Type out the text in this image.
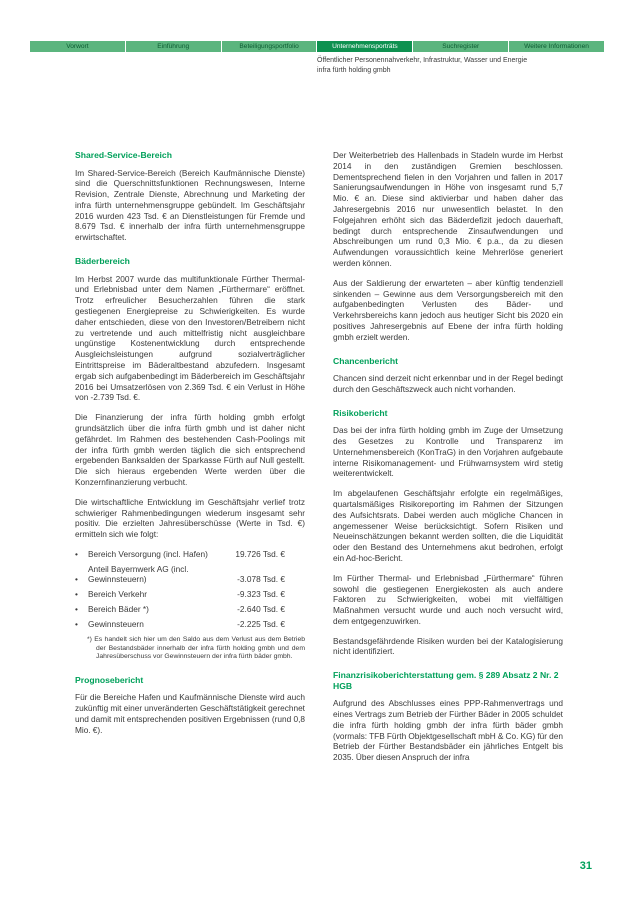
Vorwort	Einführung	Beteiligungsportfolio	Unternehmensporträts	Suchregister	Weitere Informationen
Öffentlicher Personennahverkehr, Infrastruktur, Wasser und Energie
infra fürth holding gmbh
Shared-Service-Bereich

Im Shared-Service-Bereich (Bereich Kaufmännische Dienste) sind die Querschnittsfunktionen Rechnungswesen, Interne Revision, Zentrale Dienste, Abrechnung und Marketing der infra fürth unternehmensgruppe gebündelt. Im Geschäftsjahr 2016 wurden 423 Tsd. € an Dienstleistungen für Fremde und 8.679 Tsd. € innerhalb der infra fürth unternehmensgruppe erwirtschaftet.

Bäderbereich

Im Herbst 2007 wurde das multifunktionale Fürther Thermal- und Erlebnisbad unter dem Namen „Fürthermare“ eröffnet. Trotz erfreulicher Besucherzahlen führen die stark gestiegenen Energiepreise zu Schwierigkeiten. Es wurde daher entschieden, diese von den Investoren/Betreibern nicht zu vertretende und auch mittelfristig nicht ausgleichbare ungünstige Kostenentwicklung durch entsprechende Ausgleichsleistungen aufgrund sozialverträglicher Eintrittspreise im Bäderaltbestand abzufedern. Insgesamt ergab sich aufgabenbedingt im Bäderbereich im Geschäftsjahr 2016 bei Umsatzerlösen von 2.369 Tsd. € ein Verlust in Höhe von -2.739 Tsd. €.

Die Finanzierung der infra fürth holding gmbh erfolgt grundsätzlich über die infra fürth gmbh und ist daher nicht gefährdet. Im Rahmen des bestehenden Cash-Poolings mit der infra fürth gmbh werden täglich die sich entsprechend ergebenden Banksalden der Sparkasse Fürth auf Null gestellt. Die sich hieraus ergebenden Werte werden über die Konzernfinanzierung verbucht.

Die wirtschaftliche Entwicklung im Geschäftsjahr verlief trotz schwieriger Rahmenbedingungen wiederum insgesamt sehr positiv. Die erzielten Jahresüberschüsse (Werte in Tsd. €) ermitteln sich wie folgt:

•	Bereich Versorgung (incl. Hafen)	19.726 Tsd. €
•
Anteil Bayernwerk AG (incl. Gewinnsteuern)	-3.078 Tsd. €
•	Bereich Verkehr	-9.323 Tsd. €
•	Bereich Bäder *)	-2.640 Tsd. €
•	Gewinnsteuern	-2.225 Tsd. €

*) Es handelt sich hier um den Saldo aus dem Verlust aus dem Betrieb der Bestandsbäder innerhalb der infra fürth holding gmbh und dem Jahresüberschuss vor Gewinnsteuern der infra fürth bäder gmbh.

Prognosebericht

Für die Bereiche Hafen und Kaufmännische Dienste wird auch zukünftig mit einer unveränderten Geschäftstätigkeit gerechnet und damit mit entsprechenden positiven Ergebnissen (rund 0,8 Mio. €).

Der Weiterbetrieb des Hallenbads in Stadeln wurde im Herbst 2014 in den zuständigen Gremien beschlossen. Dementsprechend fielen in den Vorjahren und fallen in 2017 Sanierungsaufwendungen in Höhe von insgesamt rund 5,7 Mio. € an. Diese sind aktivierbar und haben daher das Jahresergebnis 2016 nur unwesentlich belastet. In den Folgejahren erhöht sich das Bäderdefizit jedoch dauerhaft, bedingt durch entsprechende Zinsaufwendungen und Abschreibungen um rund 0,3 Mio. € p.a., da zu diesen Aufwendungen voraussichtlich keine Mehrerlöse generiert werden können.

Aus der Saldierung der erwarteten – aber künftig tendenziell sinkenden – Gewinne aus dem Versorgungsbereich mit den aufgabenbedingten Verlusten des Bäder- und Verkehrsbereichs kann jedoch aus heutiger Sicht bis 2020 ein positives Jahresergebnis auf Ebene der infra fürth holding gmbh erzielt werden.

Chancenbericht

Chancen sind derzeit nicht erkennbar und in der Regel bedingt durch den Geschäftszweck auch nicht vorhanden.

Risikobericht

Das bei der infra fürth holding gmbh im Zuge der Umsetzung des Gesetzes zu Kontrolle und Transparenz im Unternehmensbereich (KonTraG) in den Vorjahren aufgebaute interne Risikomanagement- und Frühwarnsystem wird stetig weiterentwickelt.

Im abgelaufenen Geschäftsjahr erfolgte ein regelmäßiges, quartalsmäßiges Risikoreporting im Rahmen der Sitzungen des Aufsichtsrats. Dabei werden auch mögliche Chancen in angemessener Weise berücksichtigt. Sofern Risiken und Neueinschätzungen bekannt werden sollten, die die Liquidität oder den Bestand des Unternehmens akut bedrohen, erfolgt ein Ad-hoc-Bericht.

Im Fürther Thermal- und Erlebnisbad „Fürthermare“ führen sowohl die gestiegenen Energiekosten als auch andere Faktoren zu Schwierigkeiten, wobei mit vielfältigen Maßnahmen versucht wurde und auch noch versucht wird, dem entgegenzuwirken.

Bestandsgefährdende Risiken wurden bei der Katalogisierung nicht identifiziert.

Finanzrisikoberichterstattung gem. § 289 Absatz 2 Nr. 2 HGB

Aufgrund des Abschlusses eines PPP-Rahmenvertrags und eines Vertrags zum Betrieb der Fürther Bäder in 2005 schuldet die infra fürth holding gmbh der infra fürth bäder gmbh (vormals: TFB Fürth Objektgesellschaft mbH & Co. KG) für den Betrieb der Fürther Bestandsbäder ein jährliches Entgelt bis 2035. Über diesen Anspruch der infra

31
